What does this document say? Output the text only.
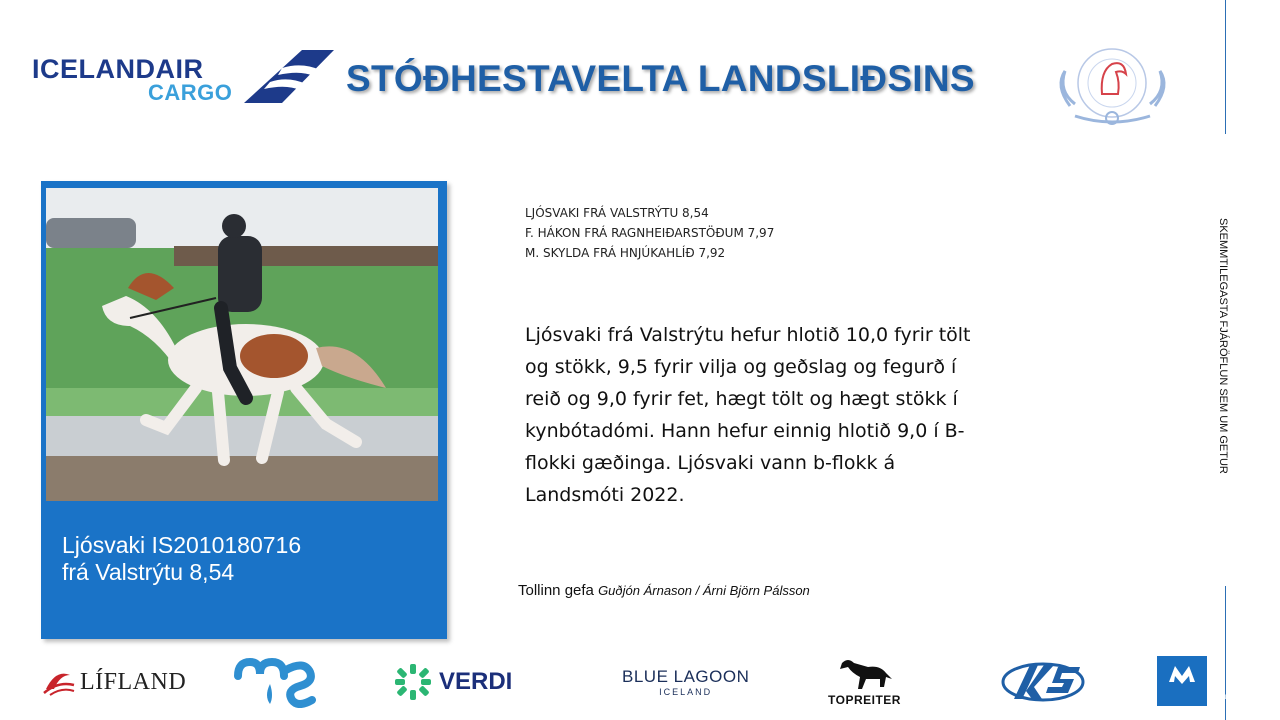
ICELANDAIR
CARGO	STÓÐHESTAVELTA LANDSLIÐSINS
Ljósvaki IS2010180716
frá Valstrýtu 8,54
LJÓSVAKI FRÁ VALSTRÝTU 8,54
F. HÁKON FRÁ RAGNHEIÐARSTÖÐUM 7,97
M. SKYLDA FRÁ HNJÚKAHLÍÐ 7,92
Ljósvaki frá Valstrýtu hefur hlotið 10,0 fyrir tölt og stökk, 9,5 fyrir vilja og geðslag og fegurð í reið og 9,0 fyrir fet, hægt tölt og hægt stökk í kynbótadómi. Hann hefur einnig hlotið 9,0 í B-flokki gæðinga. Ljósvaki vann b-flokk á Landsmóti 2022.
Tollinn gefa Guðjón Árnason / Árni Björn Pálsson
SKEMMTILEGASTA FJÁRÖFLUN SEM UM GETUR
LÍFLAND	VERDI	BLUE LAGOON
ICELAND
TOPREITER	MUSTAD
